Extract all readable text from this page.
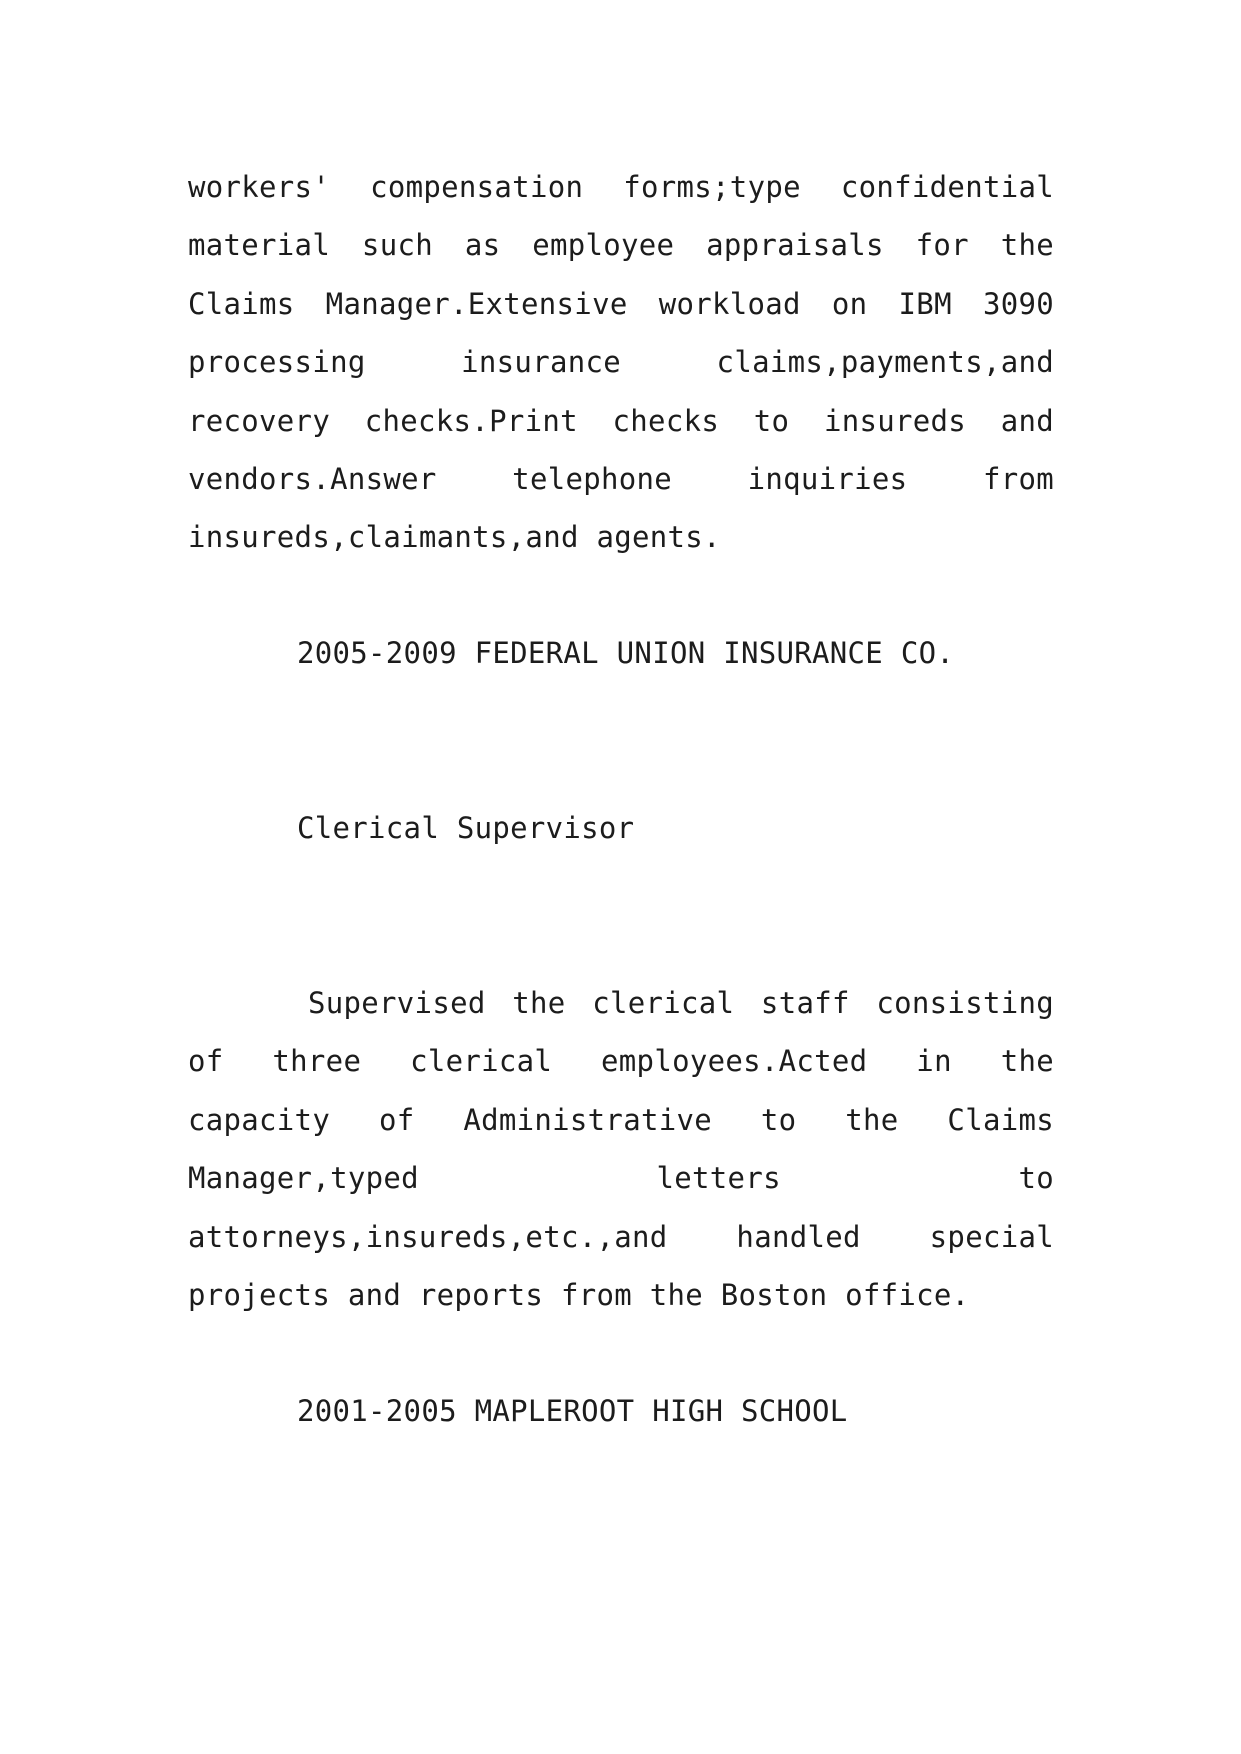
workers' compensation forms;type confidential material such as employee appraisals for the Claims Manager.Extensive workload on IBM 3090 processing insurance claims,payments,and recovery checks.Print checks to insureds and vendors.Answer telephone inquiries from insureds,claimants,and agents.

2005-2009 FEDERAL UNION INSURANCE CO.

Clerical Supervisor

Supervised the clerical staff consisting of three clerical employees.Acted in the capacity of Administrative to the Claims Manager,typed letters to attorneys,insureds,etc.,and handled special projects and reports from the Boston office.

2001-2005 MAPLEROOT HIGH SCHOOL
